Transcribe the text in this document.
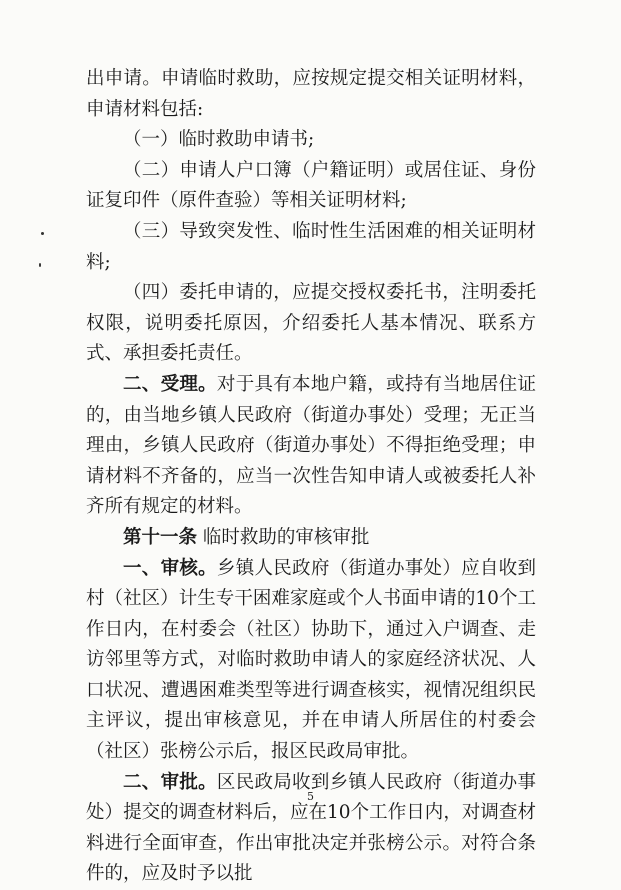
出申请。申请临时救助，应按规定提交相关证明材料，申请材料包括:

（一）临时救助申请书;

（二）申请人户口簿（户籍证明）或居住证、身份证复印件（原件查验）等相关证明材料;

（三）导致突发性、临时性生活困难的相关证明材料;

（四）委托申请的，应提交授权委托书，注明委托权限，说明委托原因，介绍委托人基本情况、联系方式、承担委托责任。

二、受理。对于具有本地户籍，或持有当地居住证的，由当地乡镇人民政府（街道办事处）受理；无正当理由，乡镇人民政府（街道办事处）不得拒绝受理；申请材料不齐备的，应当一次性告知申请人或被委托人补齐所有规定的材料。

第十一条 临时救助的审核审批

一、审核。乡镇人民政府（街道办事处）应自收到村（社区）计生专干困难家庭或个人书面申请的10个工作日内，在村委会（社区）协助下，通过入户调查、走访邻里等方式，对临时救助申请人的家庭经济状况、人口状况、遭遇困难类型等进行调查核实，视情况组织民主评议，提出审核意见，并在申请人所居住的村委会（社区）张榜公示后，报区民政局审批。

二、审批。区民政局收到乡镇人民政府（街道办事处）提交的调查材料后，应在10个工作日内，对调查材料进行全面审查，作出审批决定并张榜公示。对符合条件的，应及时予以批

5
